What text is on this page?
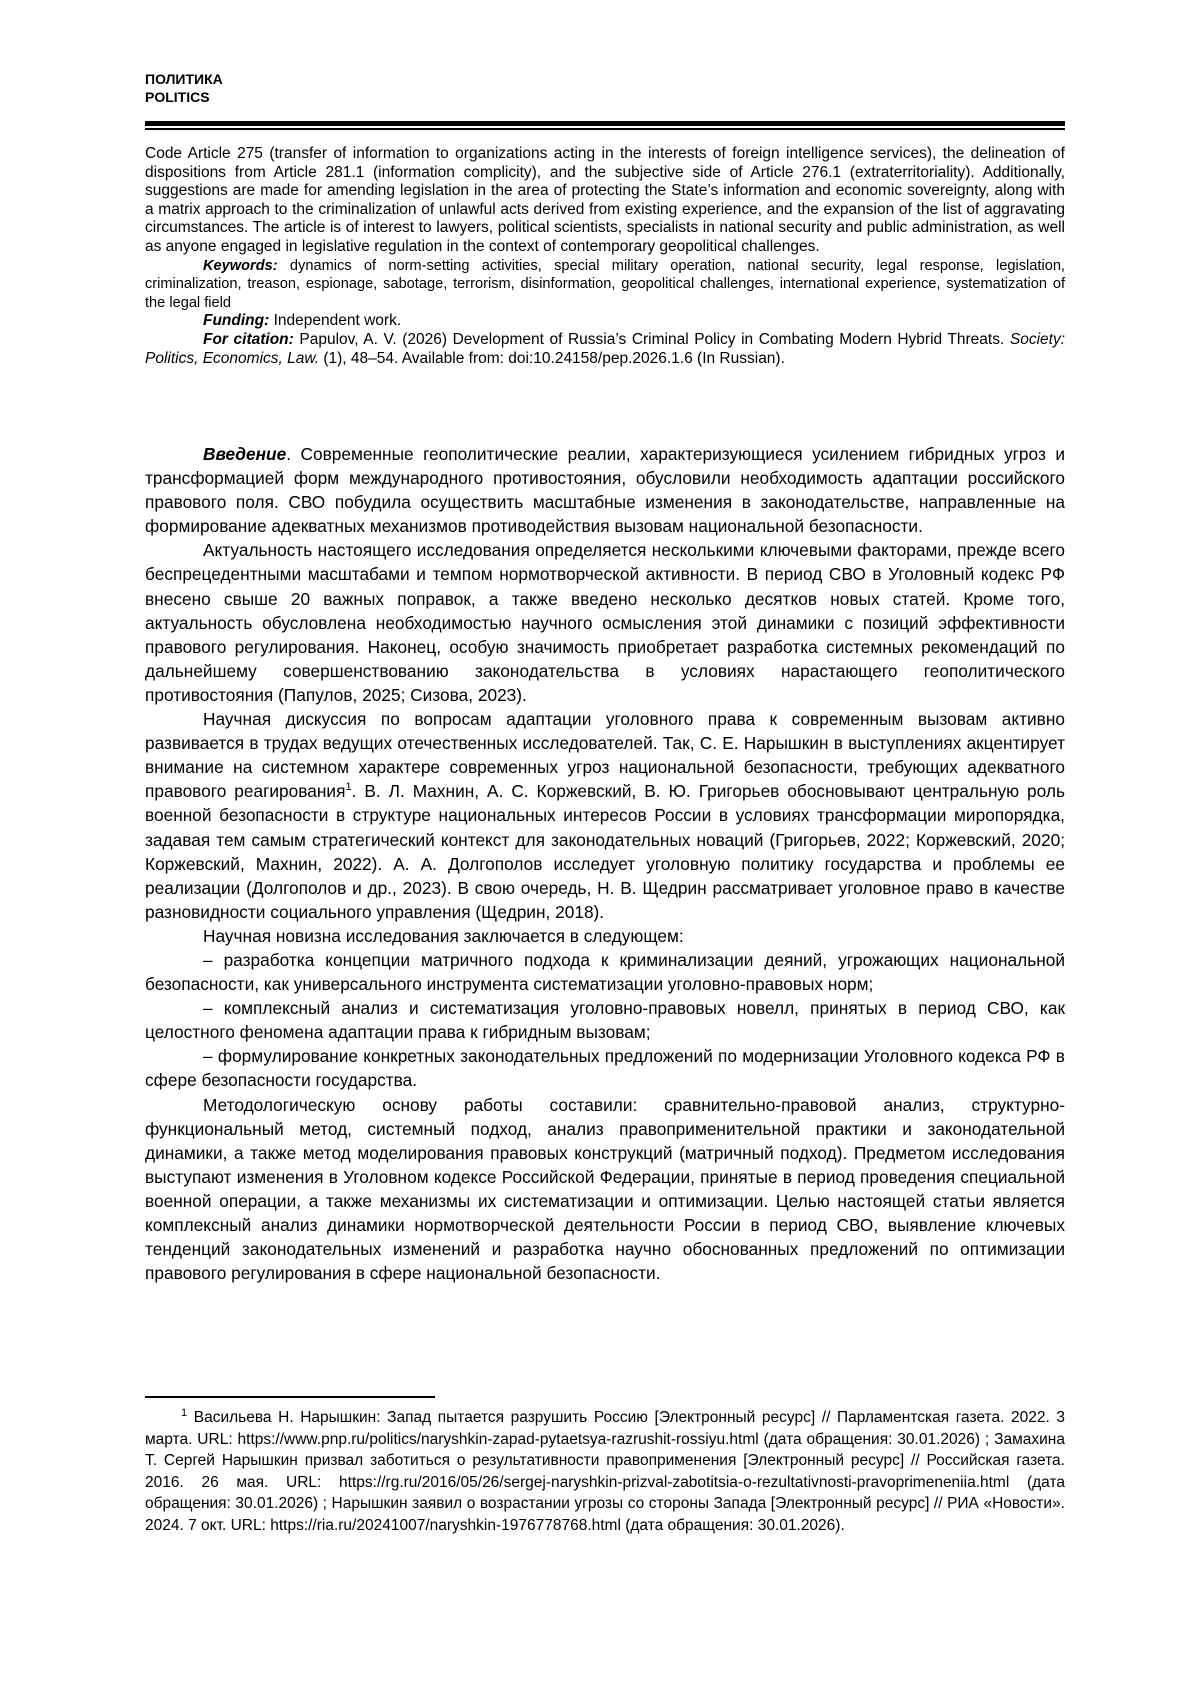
ПОЛИТИКА
POLITICS

Code Article 275 (transfer of information to organizations acting in the interests of foreign intelligence services), the delineation of dispositions from Article 281.1 (information complicity), and the subjective side of Article 276.1 (extraterritoriality). Additionally, suggestions are made for amending legislation in the area of protecting the State’s information and economic sovereignty, along with a matrix approach to the criminalization of unlawful acts derived from existing experience, and the expansion of the list of aggravating circumstances. The article is of interest to lawyers, political scientists, specialists in national security and public administration, as well as anyone engaged in legislative regulation in the context of contemporary geopolitical challenges.

Keywords: dynamics of norm-setting activities, special military operation, national security, legal response, legislation, criminalization, treason, espionage, sabotage, terrorism, disinformation, geopolitical challenges, international experience, systematization of the legal field

Funding: Independent work.

For citation: Papulov, A. V. (2026) Development of Russia’s Criminal Policy in Combating Modern Hybrid Threats. Society: Politics, Economics, Law. (1), 48–54. Available from: doi:10.24158/pep.2026.1.6 (In Russian).

Введение. Современные геополитические реалии, характеризующиеся усилением гибридных угроз и трансформацией форм международного противостояния, обусловили необходимость адаптации российского правового поля. СВО побудила осуществить масштабные изменения в законодательстве, направленные на формирование адекватных механизмов противодействия вызовам национальной безопасности.

Актуальность настоящего исследования определяется несколькими ключевыми факторами, прежде всего беспрецедентными масштабами и темпом нормотворческой активности. В период СВО в Уголовный кодекс РФ внесено свыше 20 важных поправок, а также введено несколько десятков новых статей. Кроме того, актуальность обусловлена необходимостью научного осмысления этой динамики с позиций эффективности правового регулирования. Наконец, особую значимость приобретает разработка системных рекомендаций по дальнейшему совершенствованию законодательства в условиях нарастающего геополитического противостояния (Папулов, 2025; Сизова, 2023).

Научная дискуссия по вопросам адаптации уголовного права к современным вызовам активно развивается в трудах ведущих отечественных исследователей. Так, С. Е. Нарышкин в выступлениях акцентирует внимание на системном характере современных угроз национальной безопасности, требующих адекватного правового реагирования$^1$. В. Л. Махнин, А. С. Коржевский, В. Ю. Григорьев обосновывают центральную роль военной безопасности в структуре национальных интересов России в условиях трансформации миропорядка, задавая тем самым стратегический контекст для законодательных новаций (Григорьев, 2022; Коржевский, 2020; Коржевский, Махнин, 2022). А. А. Долгополов исследует уголовную политику государства и проблемы ее реализации (Долгополов и др., 2023). В свою очередь, Н. В. Щедрин рассматривает уголовное право в качестве разновидности социального управления (Щедрин, 2018).

Научная новизна исследования заключается в следующем:

– разработка концепции матричного подхода к криминализации деяний, угрожающих национальной безопасности, как универсального инструмента систематизации уголовно-правовых норм;

– комплексный анализ и систематизация уголовно-правовых новелл, принятых в период СВО, как целостного феномена адаптации права к гибридным вызовам;

– формулирование конкретных законодательных предложений по модернизации Уголовного кодекса РФ в сфере безопасности государства.

Методологическую основу работы составили: сравнительно-правовой анализ, структурно-функциональный метод, системный подход, анализ правоприменительной практики и законодательной динамики, а также метод моделирования правовых конструкций (матричный подход). Предметом исследования выступают изменения в Уголовном кодексе Российской Федерации, принятые в период проведения специальной военной операции, а также механизмы их систематизации и оптимизации. Целью настоящей статьи является комплексный анализ динамики нормотворческой деятельности России в период СВО, выявление ключевых тенденций законодательных изменений и разработка научно обоснованных предложений по оптимизации правового регулирования в сфере национальной безопасности.

$^1$ Васильева Н. Нарышкин: Запад пытается разрушить Россию [Электронный ресурс] // Парламентская газета. 2022. 3 марта. URL: https://www.pnp.ru/politics/naryshkin-zapad-pytaetsya-razrushit-rossiyu.html (дата обращения: 30.01.2026) ; Замахина Т. Сергей Нарышкин призвал заботиться о результативности правоприменения [Электронный ресурс] // Российская газета. 2016. 26 мая. URL: https://rg.ru/2016/05/26/sergej-naryshkin-prizval-zabotitsia-o-rezultativnosti-pravoprimeneniia.html (дата обращения: 30.01.2026) ; Нарышкин заявил о возрастании угрозы со стороны Запада [Электронный ресурс] // РИА «Новости». 2024. 7 окт. URL: https://ria.ru/20241007/naryshkin-1976778768.html (дата обращения: 30.01.2026).
